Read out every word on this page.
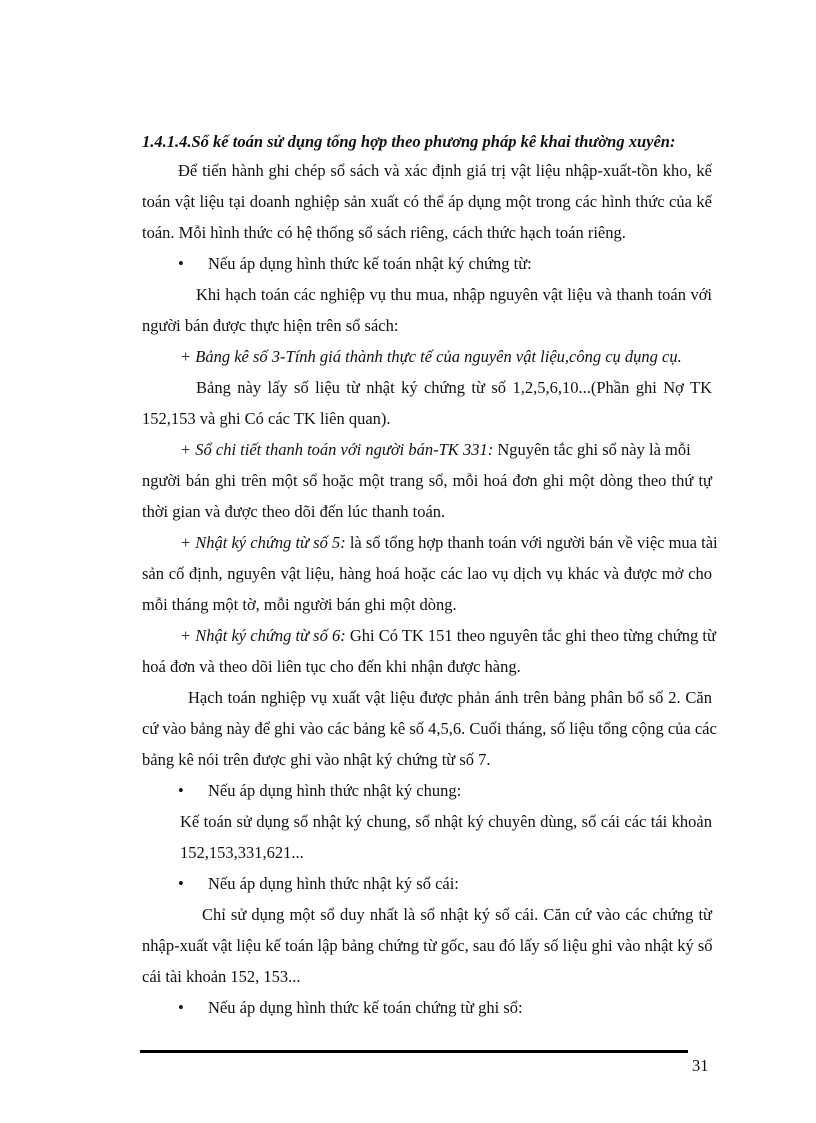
1.4.1.4.Sổ kế toán sử dụng tổng hợp theo phương pháp kê khai thường xuyên:
Để tiến hành ghi chép sổ sách và xác định giá trị vật liệu nhập-xuất-tồn kho, kế
toán vật liệu tại doanh nghiệp sản xuất có thể áp dụng một trong các hình thức của kế
toán. Mỗi hình thức có hệ thống sổ sách riêng, cách thức hạch toán riêng.
• Nếu áp dụng hình thức kế toán nhật ký chứng từ:
Khi hạch toán các nghiệp vụ thu mua, nhập nguyên vật liệu và thanh toán với
người bán được thực hiện trên sổ sách:
+ Bảng kê số 3-Tính giá thành thực tế của nguyên vật liệu,công cụ dụng cụ.
Bảng này lấy số liệu từ nhật ký chứng từ số 1,2,5,6,10...(Phần ghi Nợ TK
152,153 và ghi Có các TK liên quan).
+ Sổ chi tiết thanh toán với người bán-TK 331: Nguyên tắc ghi sổ này là mỗi
người bán ghi trên một sổ hoặc một trang sổ, mỗi hoá đơn ghi một dòng theo thứ tự
thời gian và được theo dõi đến lúc thanh toán.
+ Nhật ký chứng từ số 5: là sổ tổng hợp thanh toán với người bán về việc mua tài
sản cố định, nguyên vật liệu, hàng hoá hoặc các lao vụ dịch vụ khác và được mở cho
mỗi tháng một tờ, mỗi người bán ghi một dòng.
+ Nhật ký chứng từ số 6: Ghi Có TK 151 theo nguyên tắc ghi theo từng chứng từ
hoá đơn và theo dõi liên tục cho đến khi nhận được hàng.
Hạch toán nghiệp vụ xuất vật liệu được phản ánh trên bảng phân bổ số 2. Căn
cứ vào bảng này để ghi vào các bảng kê số 4,5,6. Cuối tháng, số liệu tổng cộng của các
bảng kê nói trên được ghi vào nhật ký chứng từ số 7.
• Nếu áp dụng hình thức nhật ký chung:
Kế toán sử dụng sổ nhật ký chung, sổ nhật ký chuyên dùng, sổ cái các tái khoản
152,153,331,621...
• Nếu áp dụng hình thức nhật ký sổ cái:
Chỉ sử dụng một sổ duy nhất là sổ nhật ký sổ cái. Căn cứ vào các chứng từ
nhập-xuất vật liệu kế toán lập bảng chứng từ gốc, sau đó lấy số liệu ghi vào nhật ký sổ
cái tài khoản 152, 153...
• Nếu áp dụng hình thức kế toán chứng từ ghi sổ:
31
